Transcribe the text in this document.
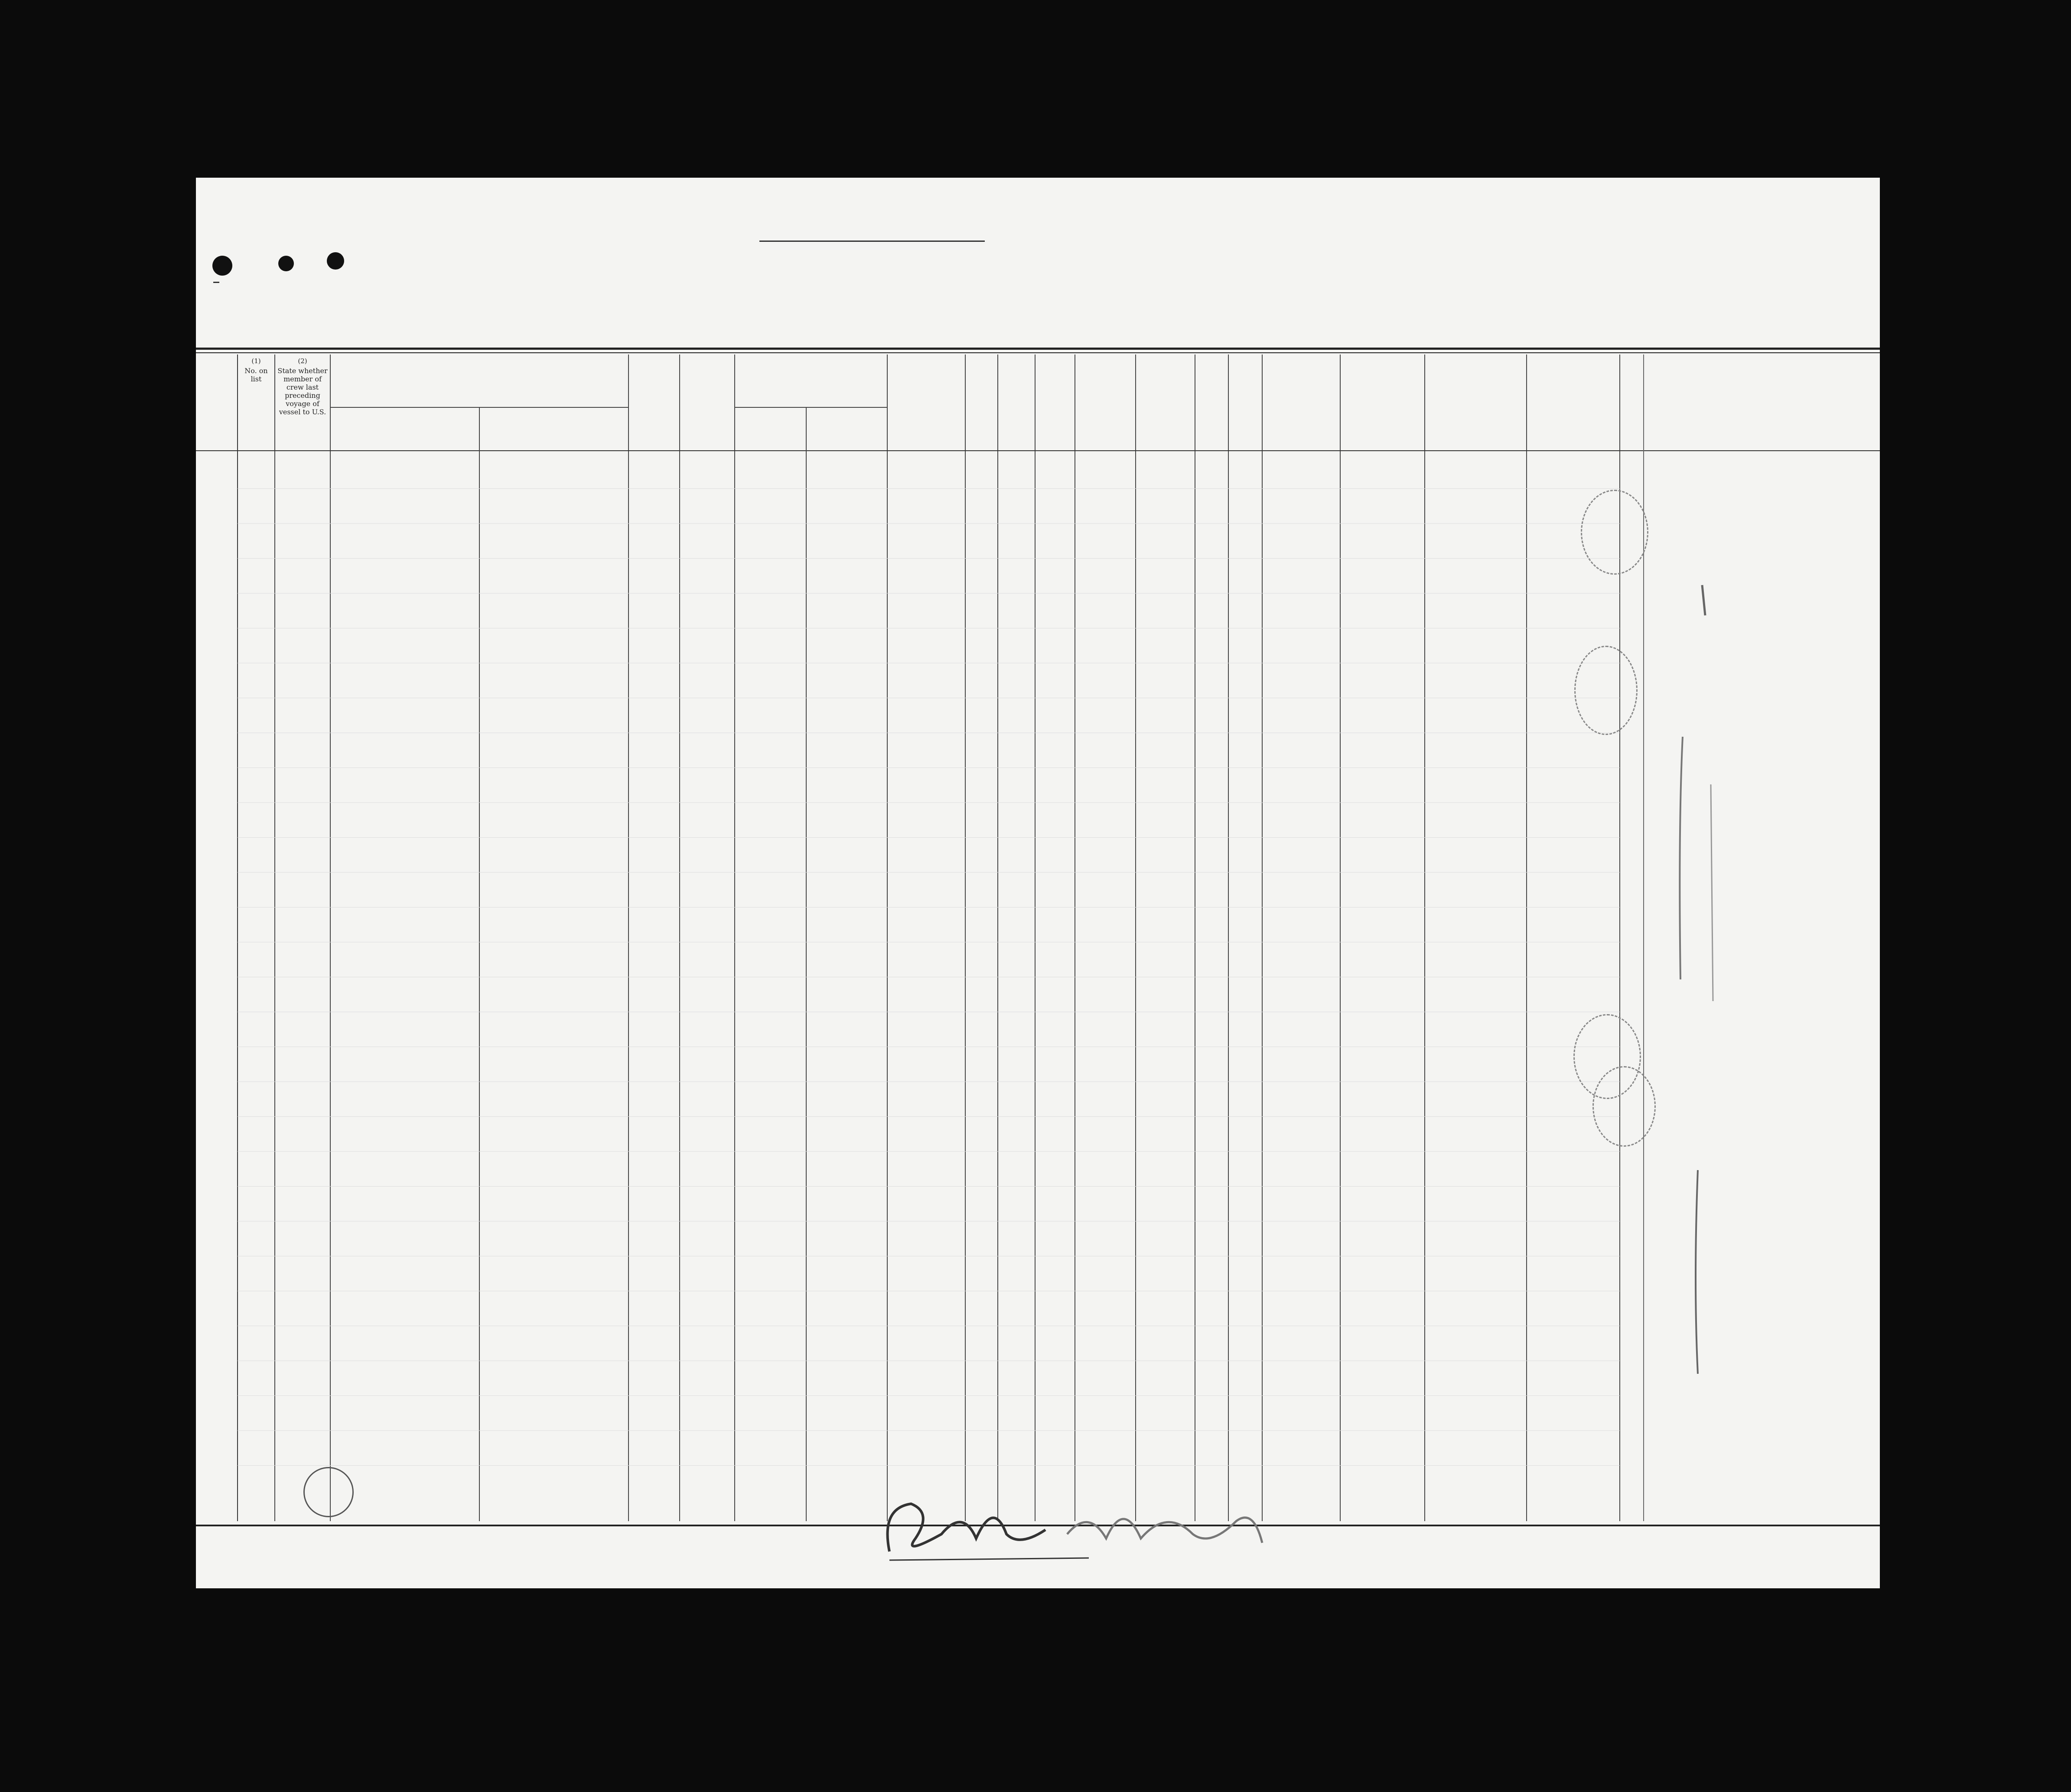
(1)
No. on list
(2)
State whether member of crew last preceding voyage of vessel to U.S.
